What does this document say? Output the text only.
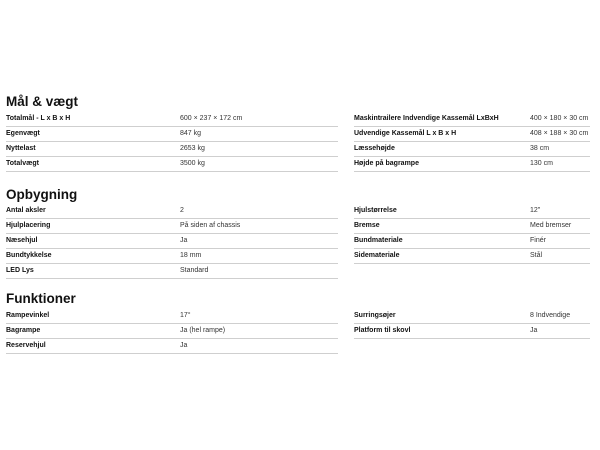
Mål & vægt
Totalmål - L x B x H	600 × 237 × 172 cm
Egenvægt	847 kg
Nyttelast	2653 kg
Totalvægt	3500 kg
Maskintrailere Indvendige Kassemål LxBxH	400 × 180 × 30 cm
Udvendige Kassemål L x B x H	408 × 188 × 30 cm
Læssehøjde	38 cm
Højde på bagrampe	130 cm
Opbygning
Antal aksler	2
Hjulplacering	På siden af chassis
Næsehjul	Ja
Bundtykkelse	18 mm
LED Lys	Standard
Hjulstørrelse	12"
Bremse	Med bremser
Bundmateriale	Finér
Sidemateriale	Stål
Funktioner
Rampevinkel	17°
Bagrampe	Ja (hel rampe)
Reservehjul	Ja
Surringsøjer	8 Indvendige
Platform til skovl	Ja
